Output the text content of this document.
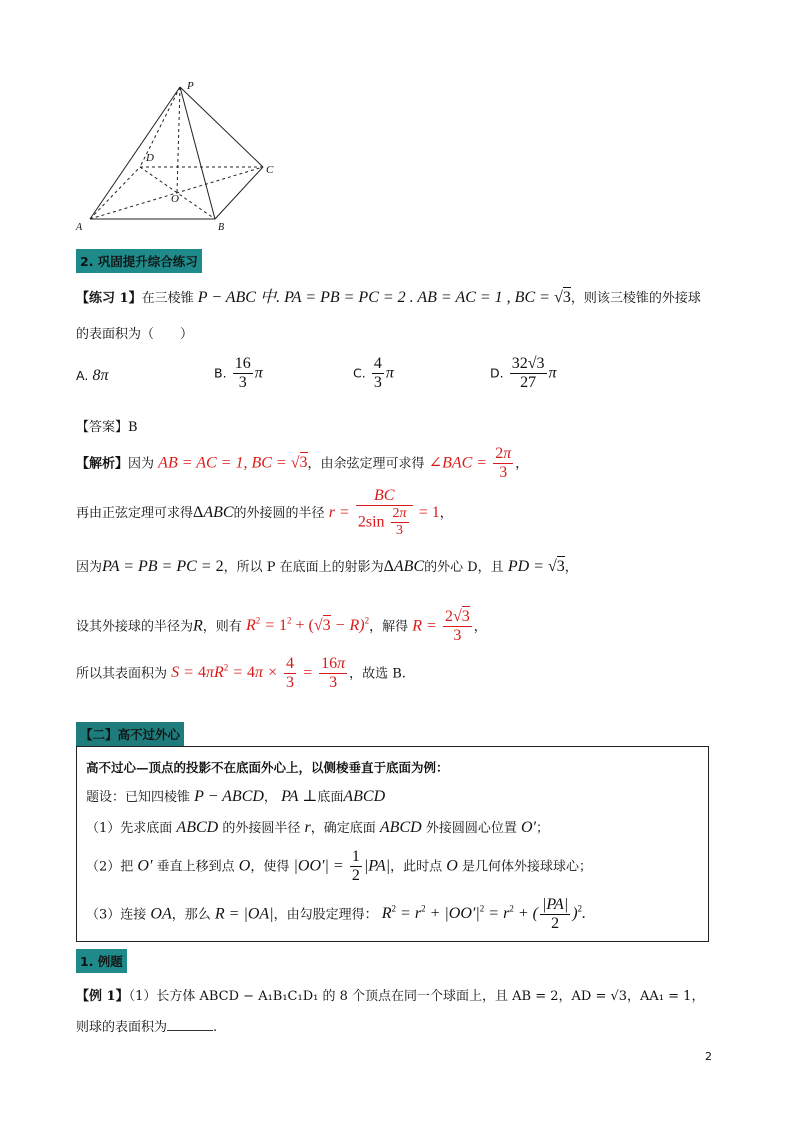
P
D
C
O
A	B
2. 巩固提升综合练习
【练习 1】在三棱锥 P − ABC 中. PA = PB = PC = 2 . AB = AC = 1 , BC = √3，则该三棱锥的外接球
的表面积为（　　）
A. 8π	B. $\frac{16}{3}$ π	C. $\frac{4}{3}$ π	D. $\frac{32√3}{27}$ π
【答案】B
【解析】因为 AB = AC = 1, BC = √3，由余弦定理可求得 ∠BAC = $\frac{2\pi}{3}$ ，
再由正弦定理可求得ΔABC的外接圆的半径 $r = \frac{BC}{2\sin \frac{2\pi}{3}} = 1$，
因为PA = PB = PC = 2，所以 P 在底面上的射影为ΔABC的外心 D，且 PD = √3，
设其外接球的半径为R，则有 $R^2 = 1^2 + (√3 - R)^2$，解得 $R = \frac{2√3}{3}$ ，
所以其表面积为 $S = 4\pi R^2 = 4\pi \times \frac{4}{3} = \frac{16\pi}{3}$ ，故选 B.
【二】高不过外心
高不过心—顶点的投影不在底面外心上，以侧棱垂直于底面为例：
题设：已知四棱锥 P − ABCD， PA ⊥底面ABCD
（1）先求底面 ABCD 的外接圆半径 r，确定底面 ABCD 外接圆圆心位置 O′；
（2）把 O′ 垂直上移到点 O，使得 $|OO'| = \frac{1}{2} |PA|$，此时点 O 是几何体外接球球心；
（3）连接 OA，那么 R = |OA|，由勾股定理得： $R^2 = r^2 + |OO'|^2 = r^2$ + ( $\frac{|PA|}{2} )^2$.
1. 例题
【例 1】（1）长方体 ABCD − A₁B₁C₁D₁ 的 8 个顶点在同一个球面上，且 AB = 2，AD = √3，AA₁ = 1，
则球的表面积为	.
2
